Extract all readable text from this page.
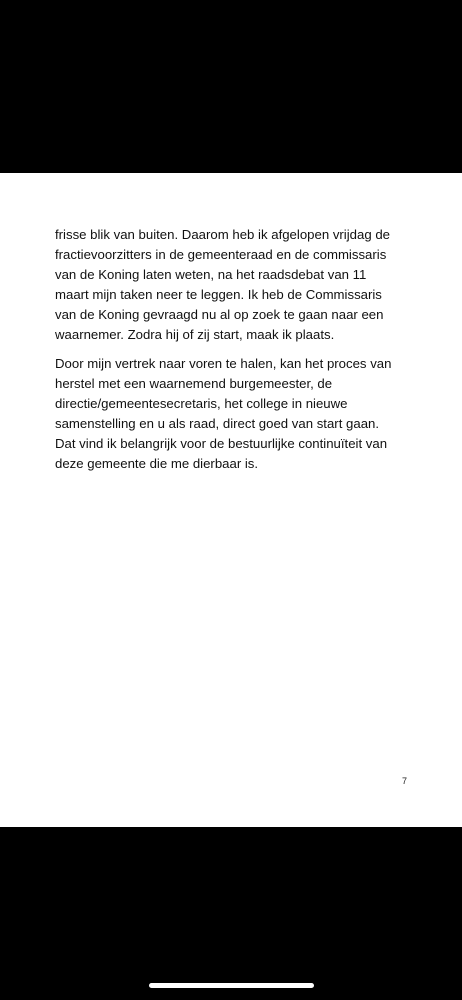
frisse blik van buiten. Daarom heb ik afgelopen vrijdag de
fractievoorzitters in de gemeenteraad en de commissaris
van de Koning laten weten, na het raadsdebat van 11
maart mijn taken neer te leggen. Ik heb de Commissaris
van de Koning gevraagd nu al op zoek te gaan naar een
waarnemer. Zodra hij of zij start, maak ik plaats.

Door mijn vertrek naar voren te halen, kan het proces van
herstel met een waarnemend burgemeester, de
directie/gemeentesecretaris, het college in nieuwe
samenstelling en u als raad, direct goed van start gaan.
Dat vind ik belangrijk voor de bestuurlijke continuïteit van
deze gemeente die me dierbaar is.

7
